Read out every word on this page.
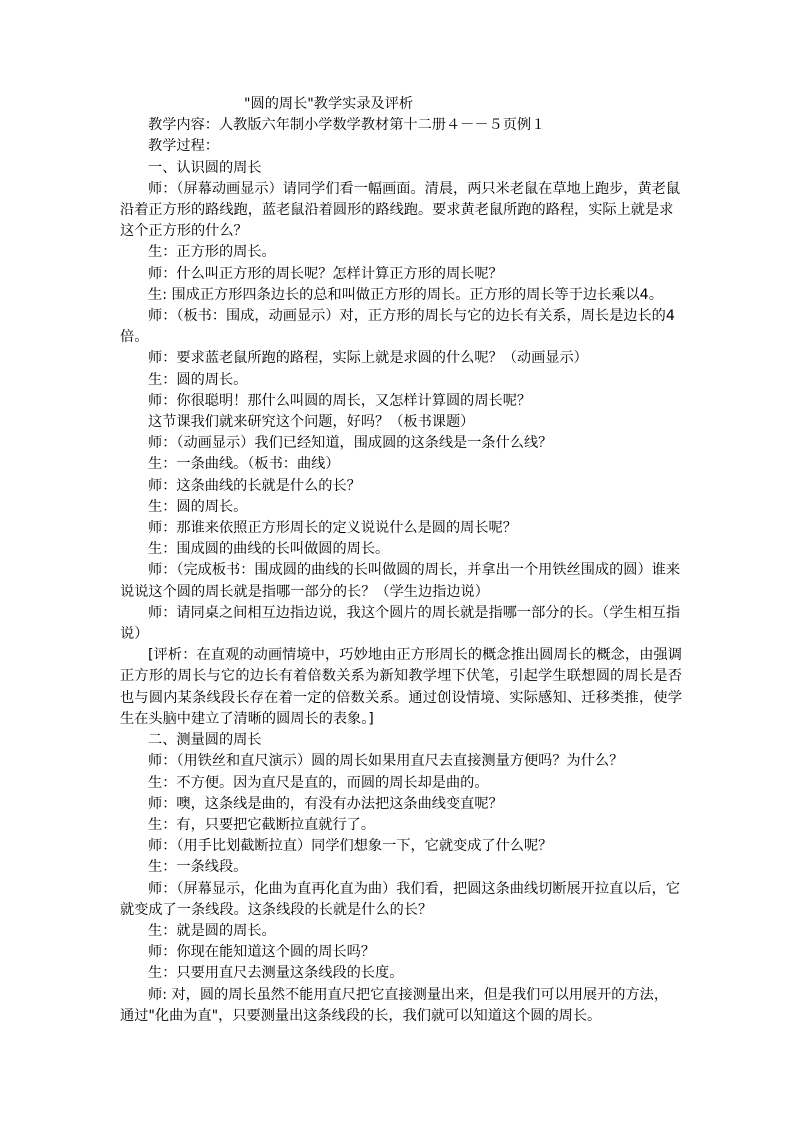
"圆的周长"教学实录及评析

教学内容：人教版六年制小学数学教材第十二册４－－５页例１

教学过程：

一、认识圆的周长

师：（屏幕动画显示）请同学们看一幅画面。清晨，两只米老鼠在草地上跑步，黄老鼠沿着正方形的路线跑，蓝老鼠沿着圆形的路线跑。要求黄老鼠所跑的路程，实际上就是求这个正方形的什么？

生：正方形的周长。

师：什么叫正方形的周长呢？怎样计算正方形的周长呢？

生: 围成正方形四条边长的总和叫做正方形的周长。正方形的周长等于边长乘以4。

师：（板书：围成，动画显示）对，正方形的周长与它的边长有关系，周长是边长的4倍。

师：要求蓝老鼠所跑的路程，实际上就是求圆的什么呢？（动画显示）

生：圆的周长。

师：你很聪明！那什么叫圆的周长，又怎样计算圆的周长呢？

这节课我们就来研究这个问题，好吗？（板书课题）

师：（动画显示）我们已经知道，围成圆的这条线是一条什么线？

生：一条曲线。（板书：曲线）

师：这条曲线的长就是什么的长？

生：圆的周长。

师：那谁来依照正方形周长的定义说说什么是圆的周长呢？

生：围成圆的曲线的长叫做圆的周长。

师：（完成板书：围成圆的曲线的长叫做圆的周长，并拿出一个用铁丝围成的圆）谁来说说这个圆的周长就是指哪一部分的长？（学生边指边说）

师：请同桌之间相互边指边说，我这个圆片的周长就是指哪一部分的长。（学生相互指说）

[评析：在直观的动画情境中，巧妙地由正方形周长的概念推出圆周长的概念，由强调正方形的周长与它的边长有着倍数关系为新知教学埋下伏笔，引起学生联想圆的周长是否也与圆内某条线段长存在着一定的倍数关系。通过创设情境、实际感知、迁移类推，使学生在头脑中建立了清晰的圆周长的表象。]

二、测量圆的周长

师：（用铁丝和直尺演示）圆的周长如果用直尺去直接测量方便吗？为什么？

生：不方便。因为直尺是直的，而圆的周长却是曲的。

师：噢，这条线是曲的，有没有办法把这条曲线变直呢？

生：有，只要把它截断拉直就行了。

师：（用手比划截断拉直）同学们想象一下，它就变成了什么呢？

生：一条线段。

师：（屏幕显示，化曲为直再化直为曲）我们看，把圆这条曲线切断展开拉直以后，它就变成了一条线段。这条线段的长就是什么的长？

生：就是圆的周长。

师：你现在能知道这个圆的周长吗？

生：只要用直尺去测量这条线段的长度。

师: 对，圆的周长虽然不能用直尺把它直接测量出来，但是我们可以用展开的方法，通过"化曲为直"，只要测量出这条线段的长，我们就可以知道这个圆的周长。
